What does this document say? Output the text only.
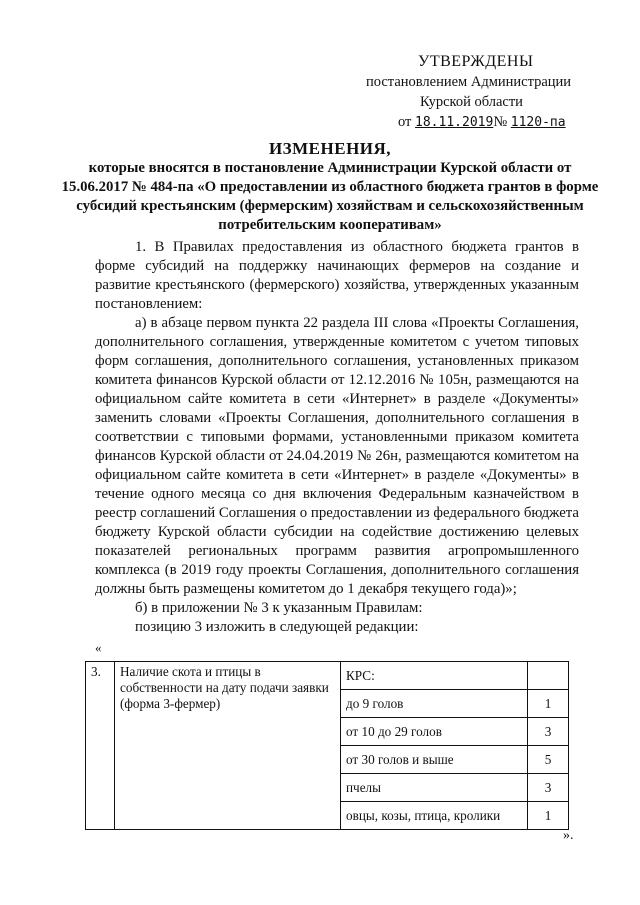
УТВЕРЖДЕНЫ
постановлением Администрации
Курской области
от 18.11.2019№ 1120-па
ИЗМЕНЕНИЯ,
которые вносятся в постановление Администрации Курской области от 15.06.2017 № 484-па «О предоставлении из областного бюджета грантов в форме субсидий крестьянским (фермерским) хозяйствам и сельскохозяйственным потребительским кооперативам»

1. В Правилах предоставления из областного бюджета грантов в форме субсидий на поддержку начинающих фермеров на создание и развитие крестьянского (фермерского) хозяйства, утвержденных указанным постановлением:

а) в абзаце первом пункта 22 раздела III слова «Проекты Соглашения, дополнительного соглашения, утвержденные комитетом с учетом типовых форм соглашения, дополнительного соглашения, установленных приказом комитета финансов Курской области от 12.12.2016 № 105н, размещаются на официальном сайте комитета в сети «Интернет» в разделе «Документы» заменить словами «Проекты Соглашения, дополнительного соглашения в соответствии с типовыми формами, установленными приказом комитета финансов Курской области от 24.04.2019 № 26н, размещаются комитетом на официальном сайте комитета в сети «Интернет» в разделе «Документы» в течение одного месяца со дня включения Федеральным казначейством в реестр соглашений Соглашения о предоставлении из федерального бюджета бюджету Курской области субсидии на содействие достижению целевых показателей региональных программ развития агропромышленного комплекса (в 2019 году проекты Соглашения, дополнительного соглашения должны быть размещены комитетом до 1 декабря текущего года)»;

б) в приложении № 3 к указанным Правилам:

позицию 3 изложить в следующей редакции:

«
3.	Наличие скота и птицы в собственности на дату подачи заявки (форма 3-фермер)	КРС:	
		до 9 голов	1
		от 10 до 29 голов	3
		от 30 голов и выше	5
		пчелы	3
		овцы, козы, птица, кролики	1
».
